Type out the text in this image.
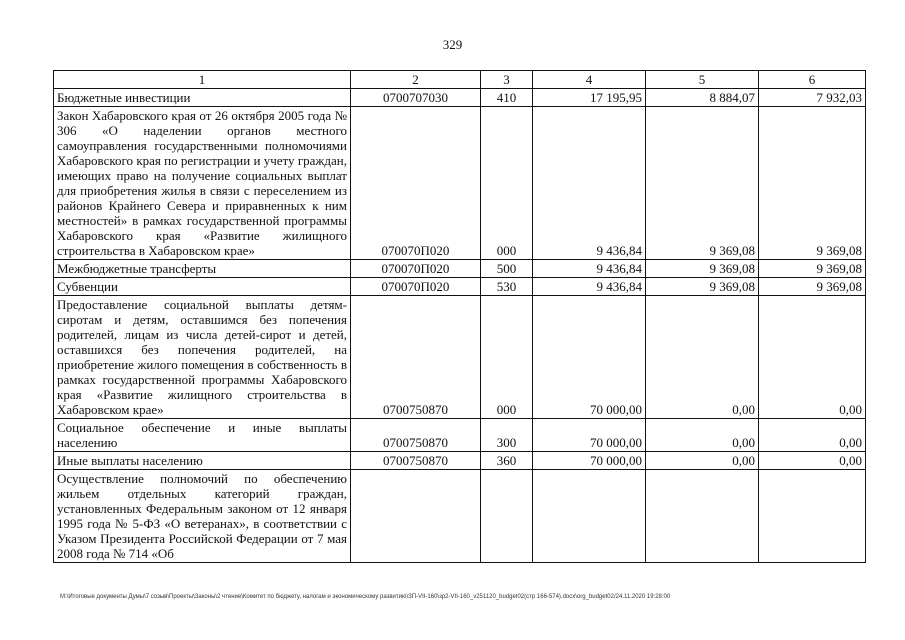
329
1	2	3	4	5	6
Бюджетные инвестиции	0700707030	410	17 195,95	8 884,07	7 932,03
Закон Хабаровского края от 26 октября 2005 года № 306 «О наделении органов местного самоуправления государственными полномочиями Хабаровского края по регистрации и учету граждан, имеющих право на получение социальных выплат для приобретения жилья в связи с переселением из районов Крайнего Севера и приравненных к ним местностей» в рамках государственной программы Хабаровского края «Развитие жилищного строительства в Хабаровском крае»	070070П020	000	9 436,84	9 369,08	9 369,08
Межбюджетные трансферты	070070П020	500	9 436,84	9 369,08	9 369,08
Субвенции	070070П020	530	9 436,84	9 369,08	9 369,08
Предоставление социальной выплаты детям-сиротам и детям, оставшимся без попечения родителей, лицам из числа детей-сирот и детей, оставшихся без попечения родителей, на приобретение жилого помещения в собственность в рамках государственной программы Хабаровского края «Развитие жилищного строительства в Хабаровском крае»	0700750870	000	70 000,00	0,00	0,00
Социальное обеспечение и иные выплаты населению	0700750870	300	70 000,00	0,00	0,00
Иные выплаты населению	0700750870	360	70 000,00	0,00	0,00
Осуществление полномочий по обеспечению жильем отдельных категорий граждан, установленных Федеральным законом от 12 января 1995 года № 5-ФЗ «О ветеранах», в соответствии с Указом Президента Российской Федерации от 7 мая 2008 года № 714 «Об					
М:\Итоговые документы Думы\7 созыв\Проекты\Законы\2 чтение\Комитет по бюджету, налогам и экономическому развитию\ЗП-VII-160\зр2-VII-160_v251120_budget02(стр 166-574).docx\org_budget02/24.11.2020 19:28:00
